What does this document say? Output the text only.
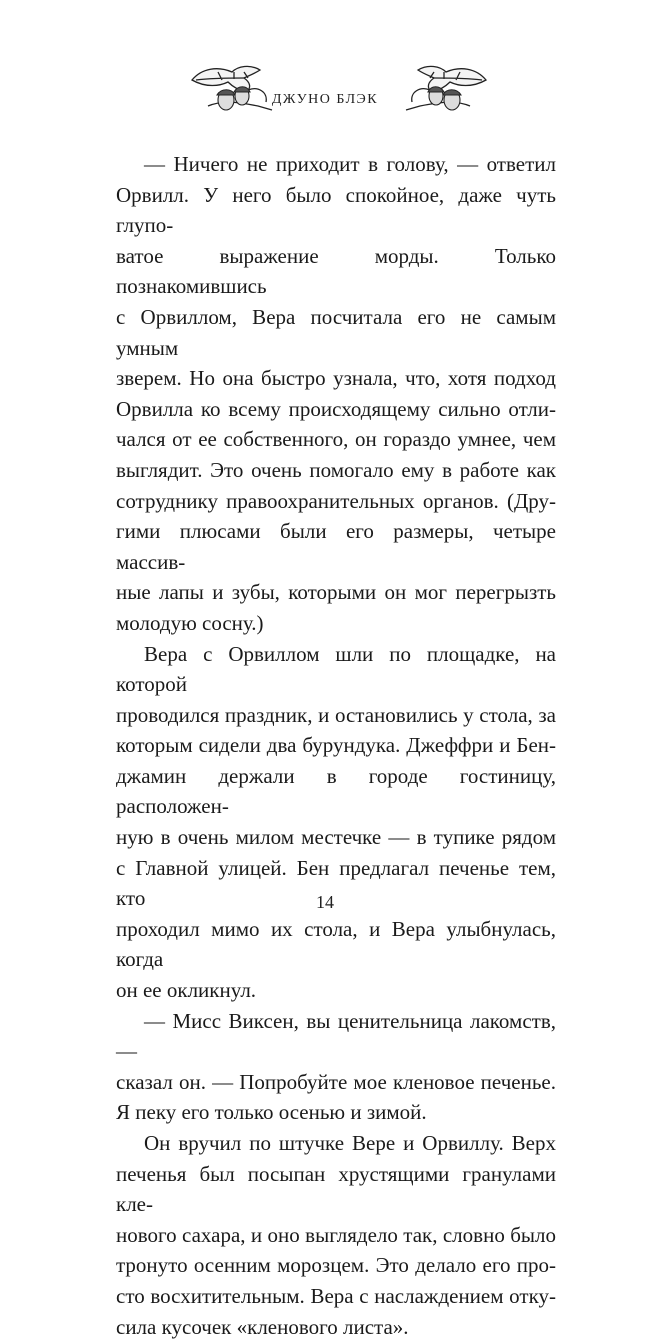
ДЖУНО БЛЭК

— Ничего не приходит в голову, — ответил
Орвилл. У него было спокойное, даже чуть глупо-
ватое выражение морды. Только познакомившись
с Орвиллом, Вера посчитала его не самым умным
зверем. Но она быстро узнала, что, хотя подход
Орвилла ко всему происходящему сильно отли-
чался от ее собственного, он гораздо умнее, чем
выглядит. Это очень помогало ему в работе как
сотруднику правоохранительных органов. (Дру-
гими плюсами были его размеры, четыре массив-
ные лапы и зубы, которыми он мог перегрызть
молодую сосну.)

Вера с Орвиллом шли по площадке, на которой
проводился праздник, и остановились у стола, за
которым сидели два бурундука. Джеффри и Бен-
джамин держали в городе гостиницу, расположен-
ную в очень милом местечке — в тупике рядом
с Главной улицей. Бен предлагал печенье тем, кто
проходил мимо их стола, и Вера улыбнулась, когда
он ее окликнул.

— Мисс Виксен, вы ценительница лакомств, —
сказал он. — Попробуйте мое кленовое печенье.
Я пеку его только осенью и зимой.

Он вручил по штучке Вере и Орвиллу. Верх
печенья был посыпан хрустящими гранулами кле-
нового сахара, и оно выглядело так, словно было
тронуто осенним морозцем. Это делало его про-
сто восхитительным. Вера с наслаждением отку-
сила кусочек «кленового листа».

14
